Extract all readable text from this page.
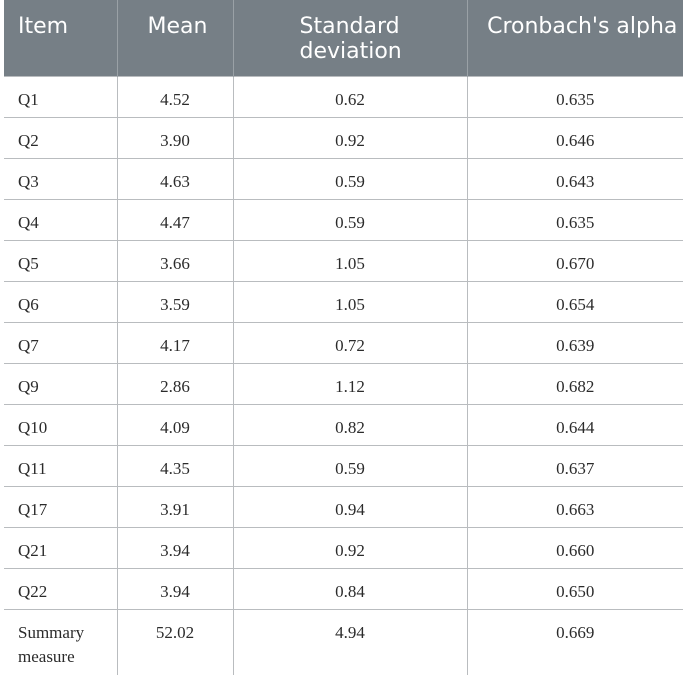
Item	Mean	Standard deviation	Cronbach's alpha
Q1	4.52	0.62	0.635
Q2	3.90	0.92	0.646
Q3	4.63	0.59	0.643
Q4	4.47	0.59	0.635
Q5	3.66	1.05	0.670
Q6	3.59	1.05	0.654
Q7	4.17	0.72	0.639
Q9	2.86	1.12	0.682
Q10	4.09	0.82	0.644
Q11	4.35	0.59	0.637
Q17	3.91	0.94	0.663
Q21	3.94	0.92	0.660
Q22	3.94	0.84	0.650
Summary measure	52.02	4.94	0.669
